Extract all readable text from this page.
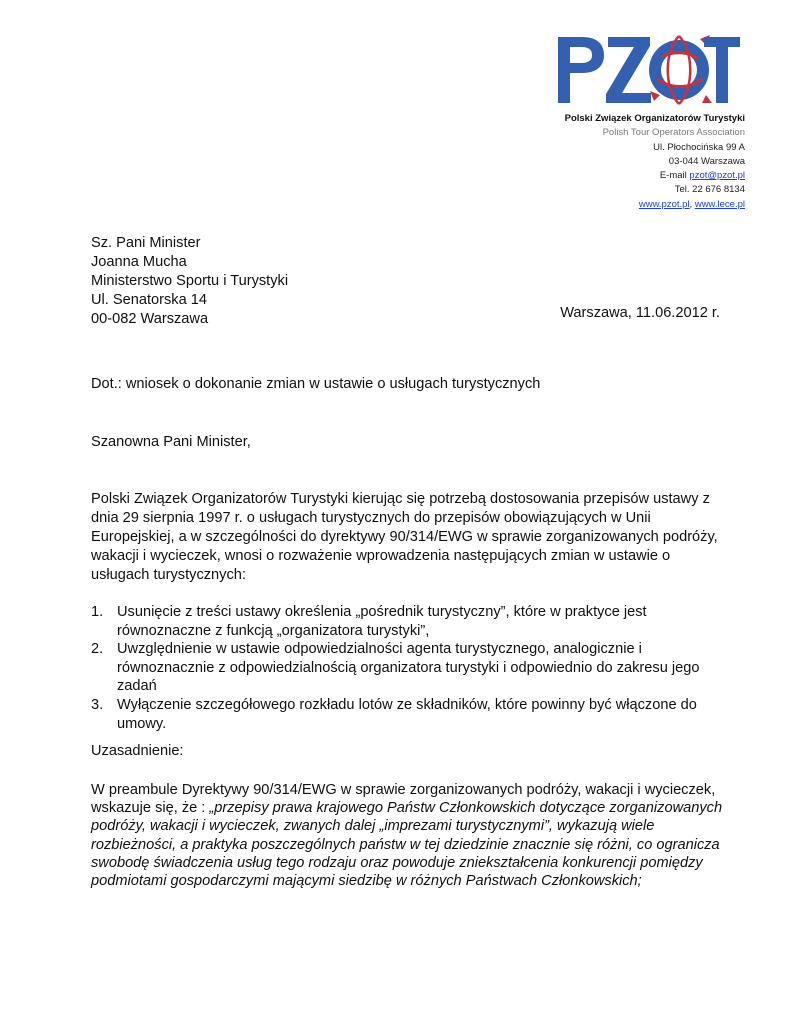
Polski Związek Organizatorów Turystyki
Polish Tour Operators Association
Ul. Płochocińska 99 A
03-044 Warszawa
E-mail pzot@pzot.pl
Tel. 22 676 8134
www.pzot.pl, www.lece.pl
Sz. Pani Minister
Joanna Mucha
Ministerstwo Sportu i Turystyki
Ul. Senatorska 14
00-082 Warszawa	Warszawa, 11.06.2012 r.
Dot.: wniosek o dokonanie zmian w ustawie o usługach turystycznych
Szanowna Pani Minister,
Polski Związek Organizatorów Turystyki kierując się potrzebą dostosowania przepisów ustawy z dnia 29 sierpnia 1997 r. o usługach turystycznych do przepisów obowiązujących w Unii Europejskiej, a w szczególności do dyrektywy 90/314/EWG w sprawie zorganizowanych podróży, wakacji i wycieczek, wnosi o rozważenie wprowadzenia następujących zmian w ustawie o usługach turystycznych:
1. Usunięcie z treści ustawy określenia „pośrednik turystyczny”, które w praktyce jest równoznaczne z funkcją „organizatora turystyki”,
2. Uwzględnienie w ustawie odpowiedzialności agenta turystycznego, analogicznie i równoznacznie z odpowiedzialnością organizatora turystyki i odpowiednio do zakresu jego zadań
3. Wyłączenie szczegółowego rozkładu lotów ze składników, które powinny być włączone do umowy.
Uzasadnienie:
W preambule Dyrektywy 90/314/EWG w sprawie zorganizowanych podróży, wakacji i wycieczek, wskazuje się, że : „przepisy prawa krajowego Państw Członkowskich dotyczące zorganizowanych podróży, wakacji i wycieczek, zwanych dalej „imprezami turystycznymi”, wykazują wiele rozbieżności, a praktyka poszczególnych państw w tej dziedzinie znacznie się różni, co ogranicza swobodę świadczenia usług tego rodzaju oraz powoduje zniekształcenia konkurencji pomiędzy podmiotami gospodarczymi mającymi siedzibę w różnych Państwach Członkowskich;
